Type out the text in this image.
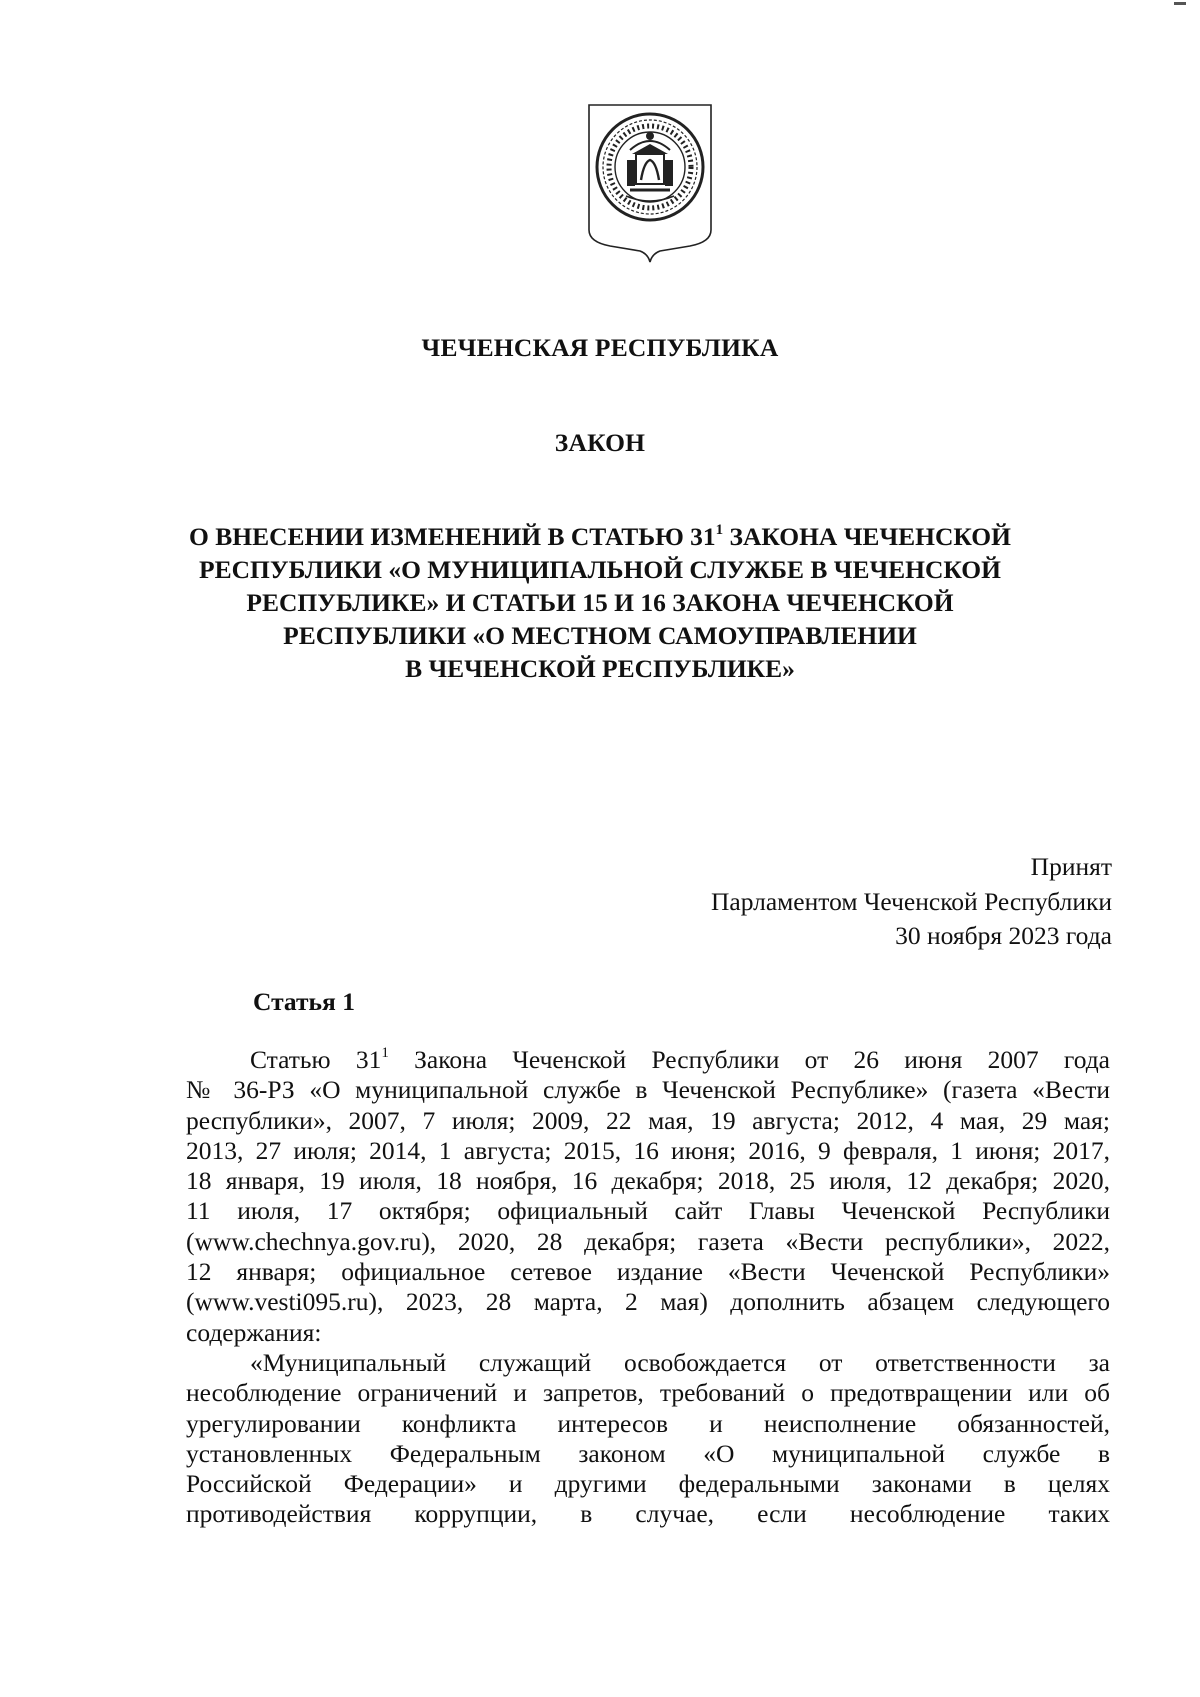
ЧЕЧЕНСКАЯ РЕСПУБЛИКА
ЗАКОН
О ВНЕСЕНИИ ИЗМЕНЕНИЙ В СТАТЬЮ $31^1$ ЗАКОНА ЧЕЧЕНСКОЙ
РЕСПУБЛИКИ «О МУНИЦИПАЛЬНОЙ СЛУЖБЕ В ЧЕЧЕНСКОЙ
РЕСПУБЛИКЕ» И СТАТЬИ 15 И 16 ЗАКОНА ЧЕЧЕНСКОЙ
РЕСПУБЛИКИ «О МЕСТНОМ САМОУПРАВЛЕНИИ
В ЧЕЧЕНСКОЙ РЕСПУБЛИКЕ»
Принят
Парламентом Чеченской Республики
30 ноября 2023 года
Статья 1

Статью $31^1$ Закона Чеченской Республики от 26 июня 2007 года
№ 36-РЗ «О муниципальной службе в Чеченской Республике» (газета «Вести
республики», 2007, 7 июля; 2009, 22 мая, 19 августа; 2012, 4 мая, 29 мая;
2013, 27 июля; 2014, 1 августа; 2015, 16 июня; 2016, 9 февраля, 1 июня; 2017,
18 января, 19 июля, 18 ноября, 16 декабря; 2018, 25 июля, 12 декабря; 2020,
11 июля, 17 октября; официальный сайт Главы Чеченской Республики
(www.chechnya.gov.ru), 2020, 28 декабря; газета «Вести республики», 2022,
12 января; официальное сетевое издание «Вести Чеченской Республики»
(www.vesti095.ru), 2023, 28 марта, 2 мая) дополнить абзацем следующего
содержания:

«Муниципальный служащий освобождается от ответственности за
несоблюдение ограничений и запретов, требований о предотвращении или об
урегулировании конфликта интересов и неисполнение обязанностей,
установленных Федеральным законом «О муниципальной службе в
Российской Федерации» и другими федеральными законами в целях
противодействия коррупции, в случае, если несоблюдение таких
